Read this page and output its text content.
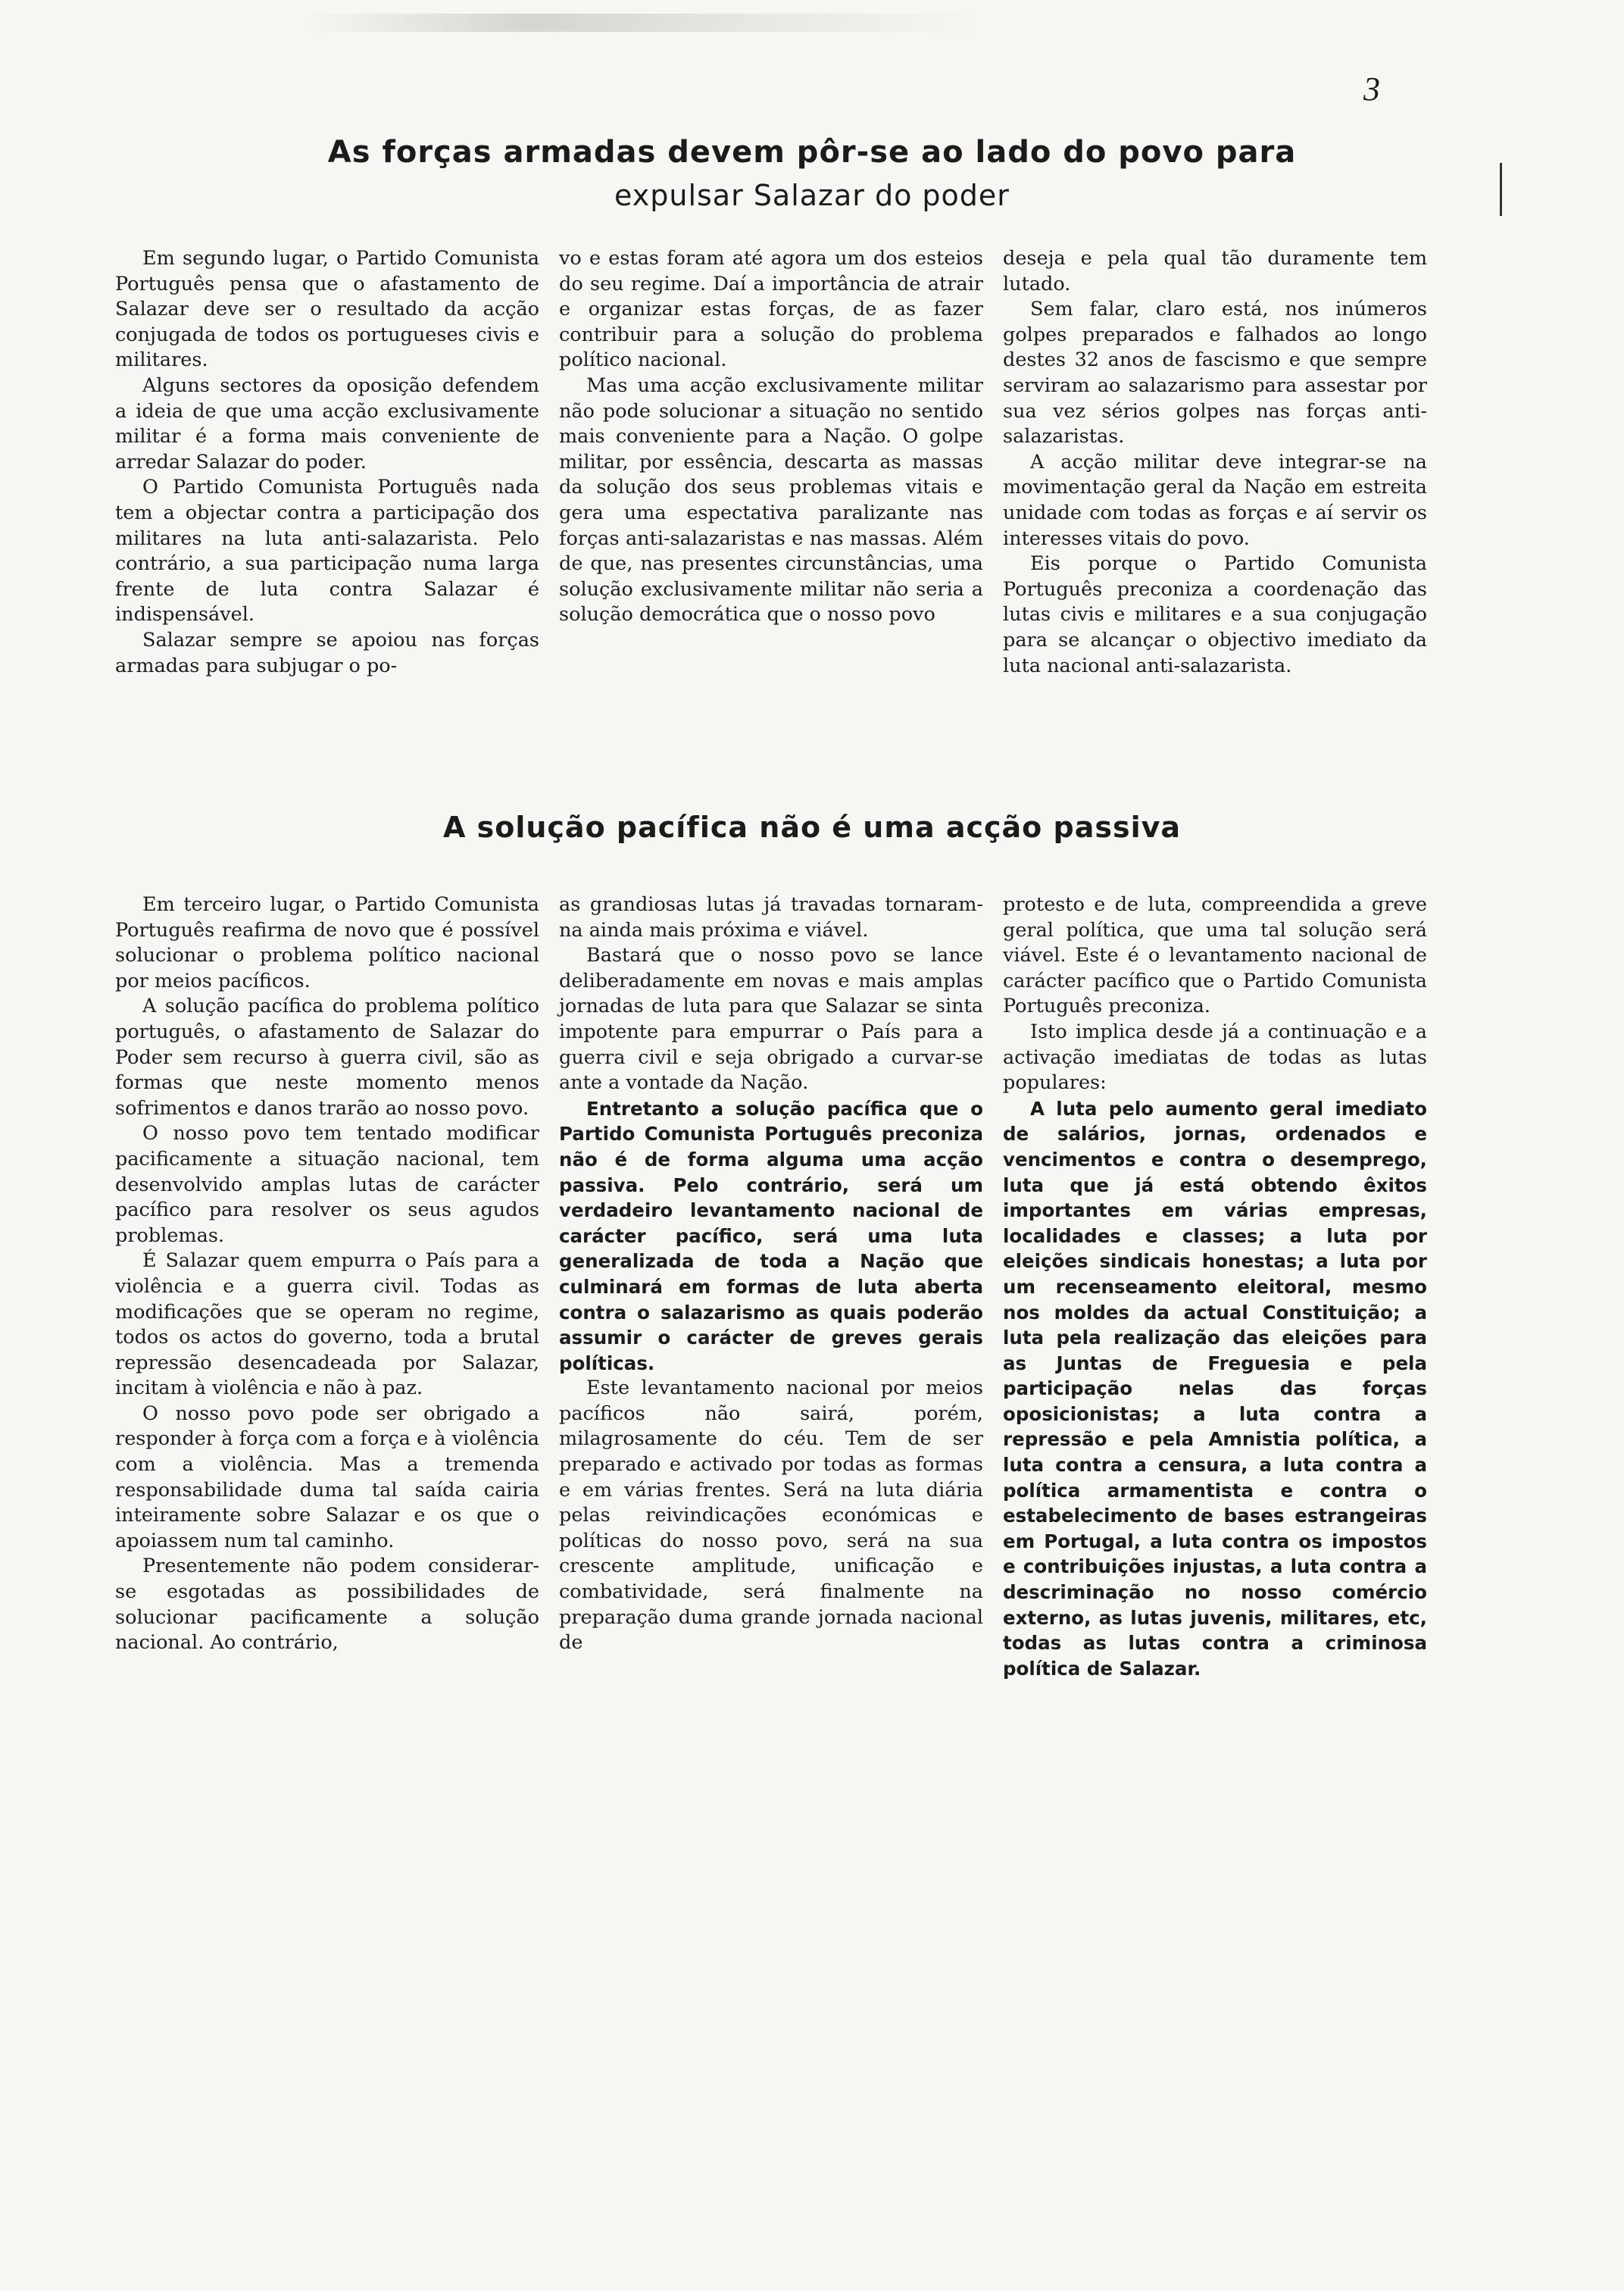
3
As forças armadas devem pôr-se ao lado do povo para
expulsar Salazar do poder

Em segundo lugar, o Partido Comunista Português pensa que o afastamento de Salazar deve ser o resultado da acção conjugada de todos os portugueses civis e militares.

Alguns sectores da oposição defendem a ideia de que uma acção exclusivamente militar é a forma mais conveniente de arredar Salazar do poder.

O Partido Comunista Português nada tem a objectar contra a participação dos militares na luta anti-salazarista. Pelo contrário, a sua participação numa larga frente de luta contra Salazar é indispensável.

Salazar sempre se apoiou nas forças armadas para subjugar o po-

vo e estas foram até agora um dos esteios do seu regime. Daí a importância de atrair e organizar estas forças, de as fazer contribuir para a solução do problema político nacional.

Mas uma acção exclusivamente militar não pode solucionar a situação no sentido mais conveniente para a Nação. O golpe militar, por essência, descarta as massas da solução dos seus problemas vitais e gera uma espectativa paralizante nas forças anti-salazaristas e nas massas. Além de que, nas presentes circunstâncias, uma solução exclusivamente militar não seria a solução democrática que o nosso povo

deseja e pela qual tão duramente tem lutado.

Sem falar, claro está, nos inúmeros golpes preparados e falhados ao longo destes 32 anos de fascismo e que sempre serviram ao salazarismo para assestar por sua vez sérios golpes nas forças anti-salazaristas.

A acção militar deve integrar-se na movimentação geral da Nação em estreita unidade com todas as forças e aí servir os interesses vitais do povo.

Eis porque o Partido Comunista Português preconiza a coordenação das lutas civis e militares e a sua conjugação para se alcançar o objectivo imediato da luta nacional anti-salazarista.

A solução pacífica não é uma acção passiva

Em terceiro lugar, o Partido Comunista Português reafirma de novo que é possível solucionar o problema político nacional por meios pacíficos.

A solução pacífica do problema político português, o afastamento de Salazar do Poder sem recurso à guerra civil, são as formas que neste momento menos sofrimentos e danos trarão ao nosso povo.

O nosso povo tem tentado modificar pacificamente a situação nacional, tem desenvolvido amplas lutas de carácter pacífico para resolver os seus agudos problemas.

É Salazar quem empurra o País para a violência e a guerra civil. Todas as modificações que se operam no regime, todos os actos do governo, toda a brutal repressão desencadeada por Salazar, incitam à violência e não à paz.

O nosso povo pode ser obrigado a responder à força com a força e à violência com a violência. Mas a tremenda responsabilidade duma tal saída cairia inteiramente sobre Salazar e os que o apoiassem num tal caminho.

Presentemente não podem considerar-se esgotadas as possibilidades de solucionar pacificamente a solução nacional. Ao contrário,

as grandiosas lutas já travadas tornaram-na ainda mais próxima e viável.

Bastará que o nosso povo se lance deliberadamente em novas e mais amplas jornadas de luta para que Salazar se sinta impotente para empurrar o País para a guerra civil e seja obrigado a curvar-se ante a vontade da Nação.

Entretanto a solução pacífica que o Partido Comunista Português preconiza não é de forma alguma uma acção passiva. Pelo contrário, será um verdadeiro levantamento nacional de carácter pacífico, será uma luta generalizada de toda a Nação que culminará em formas de luta aberta contra o salazarismo as quais poderão assumir o carácter de greves gerais políticas.

Este levantamento nacional por meios pacíficos não sairá, porém, milagrosamente do céu. Tem de ser preparado e activado por todas as formas e em várias frentes. Será na luta diária pelas reivindicações económicas e políticas do nosso povo, será na sua crescente amplitude, unificação e combatividade, será finalmente na preparação duma grande jornada nacional de

protesto e de luta, compreendida a greve geral política, que uma tal solução será viável. Este é o levantamento nacional de carácter pacífico que o Partido Comunista Português preconiza.

Isto implica desde já a continuação e a activação imediatas de todas as lutas populares:

A luta pelo aumento geral imediato de salários, jornas, ordenados e vencimentos e contra o desemprego, luta que já está obtendo êxitos importantes em várias empresas, localidades e classes; a luta por eleições sindicais honestas; a luta por um recenseamento eleitoral, mesmo nos moldes da actual Constituição; a luta pela realização das eleições para as Juntas de Freguesia e pela participação nelas das forças oposicionistas; a luta contra a repressão e pela Amnistia política, a luta contra a censura, a luta contra a política armamentista e contra o estabelecimento de bases estrangeiras em Portugal, a luta contra os impostos e contribuições injustas, a luta contra a descriminação no nosso comércio externo, as lutas juvenis, militares, etc, todas as lutas contra a criminosa política de Salazar.
